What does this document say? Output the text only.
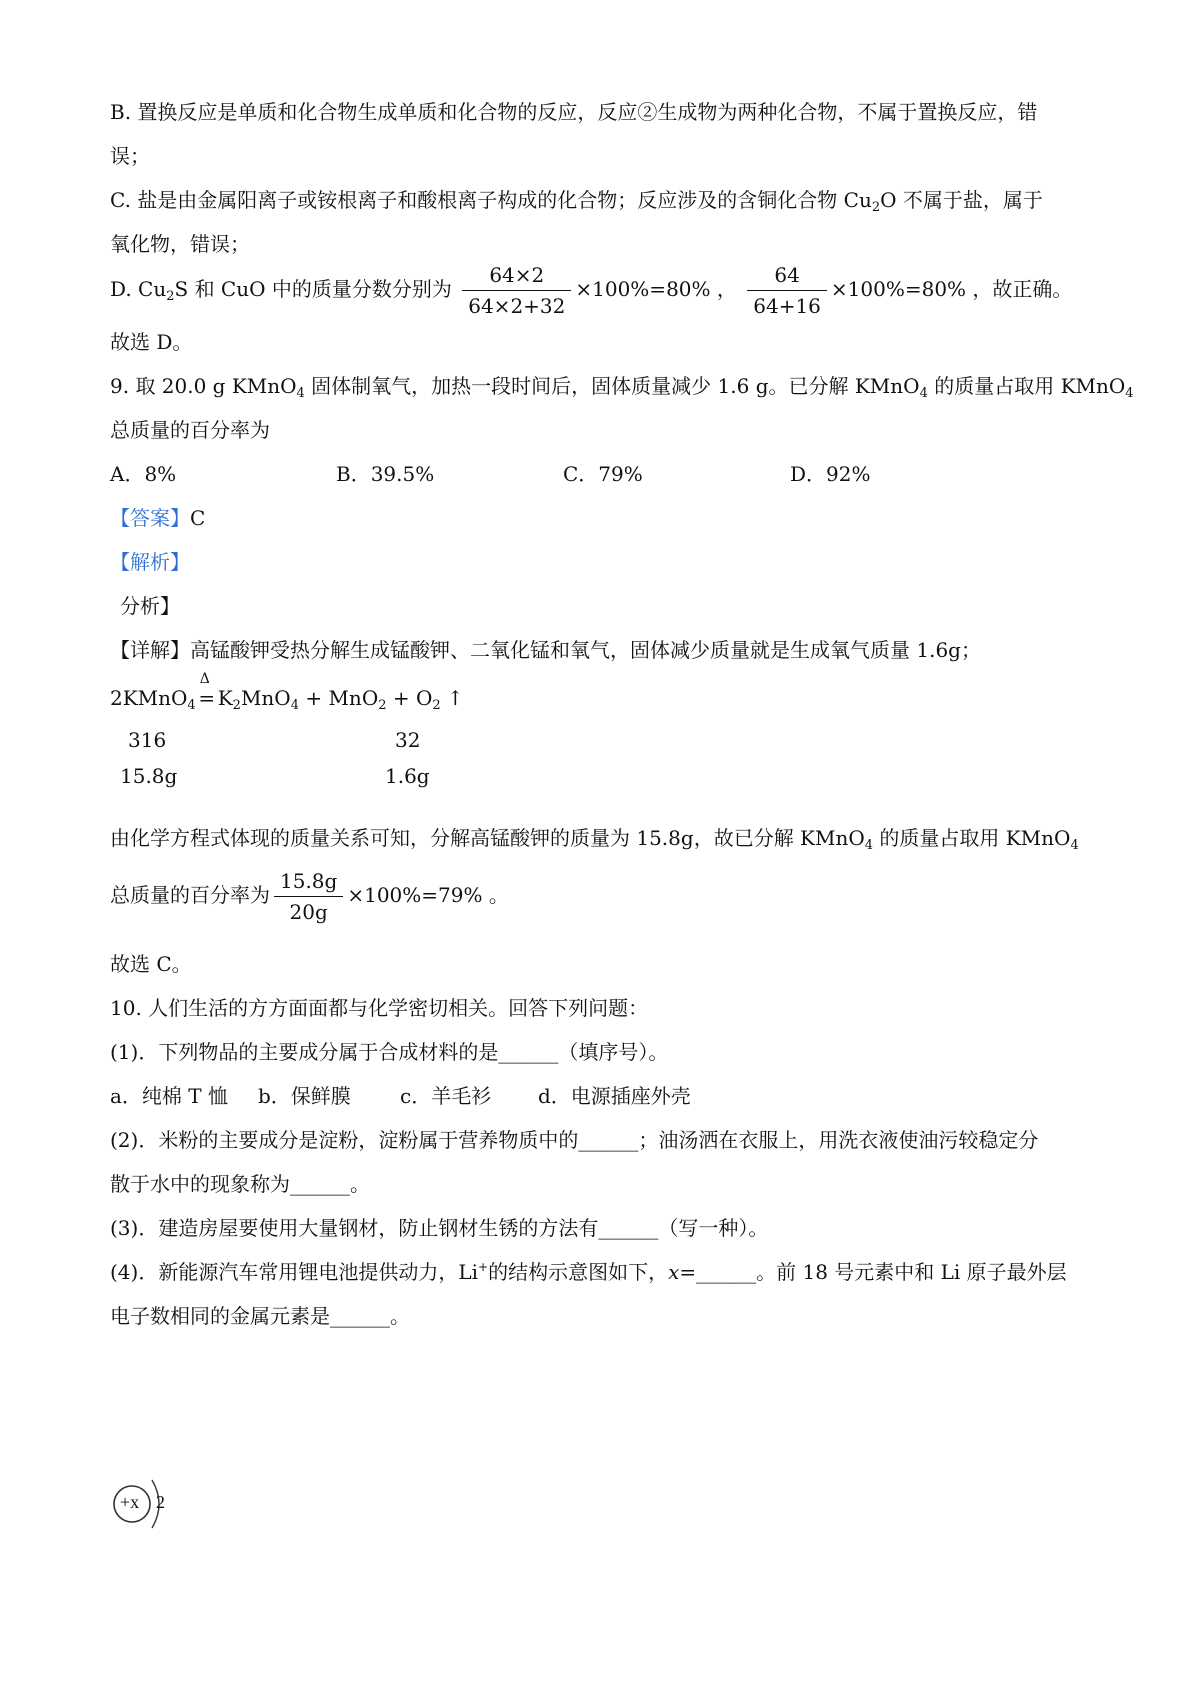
B. 置换反应是单质和化合物生成单质和化合物的反应，反应②生成物为两种化合物，不属于置换反应，错
误；
C. 盐是由金属阳离子或铵根离子和酸根离子构成的化合物；反应涉及的含铜化合物 $Cu_2O$ 不属于盐，属于
氧化物，错误；
D. $Cu_2S$ 和 CuO 中的质量分数分别为 $\frac{64\times 2}{64\times 2+32} \times 100\%=80\%$ ， $\frac{64}{64+16} \times 100\%=80\%$ ，故正确。
故选 D。
9. 取 20.0 g KMnO$_4$ 固体制氧气，加热一段时间后，固体质量减少 1.6 g。已分解 KMnO$_4$ 的质量占取用 KMnO$_4$
总质量的百分率为
A．8%	B．39.5%	C．79%	D．92%
【答案】C
【解析】
分析】
【详解】高锰酸钾受热分解生成锰酸钾、二氧化锰和氧气，固体减少质量就是生成氧气质量 1.6g；
2KMnO$_4$
Δ
= $K_2MnO_4 + MnO_2 + O_2$ ↑
316	32
15.8g	1.6g
由化学方程式体现的质量关系可知，分解高锰酸钾的质量为 15.8g，故已分解 KMnO$_4$ 的质量占取用 KMnO$_4$
总质量的百分率为 $\frac{15.8g}{20g} \times 100\%=79\%$ 。
故选 C。
10. 人们生活的方方面面都与化学密切相关。回答下列问题：
(1)．下列物品的主要成分属于合成材料的是______（填序号）。
a．纯棉 T 恤 b．保鲜膜 c．羊毛衫 d．电源插座外壳
(2)．米粉的主要成分是淀粉，淀粉属于营养物质中的______；油汤洒在衣服上，用洗衣液使油污较稳定分
散于水中的现象称为______。
(3)．建造房屋要使用大量钢材，防止钢材生锈的方法有______（写一种）。
(4)．新能源汽车常用锂电池提供动力，Li+的结构示意图如下，x=______。前 18 号元素中和 Li 原子最外层
电子数相同的金属元素是______。
+x 2
